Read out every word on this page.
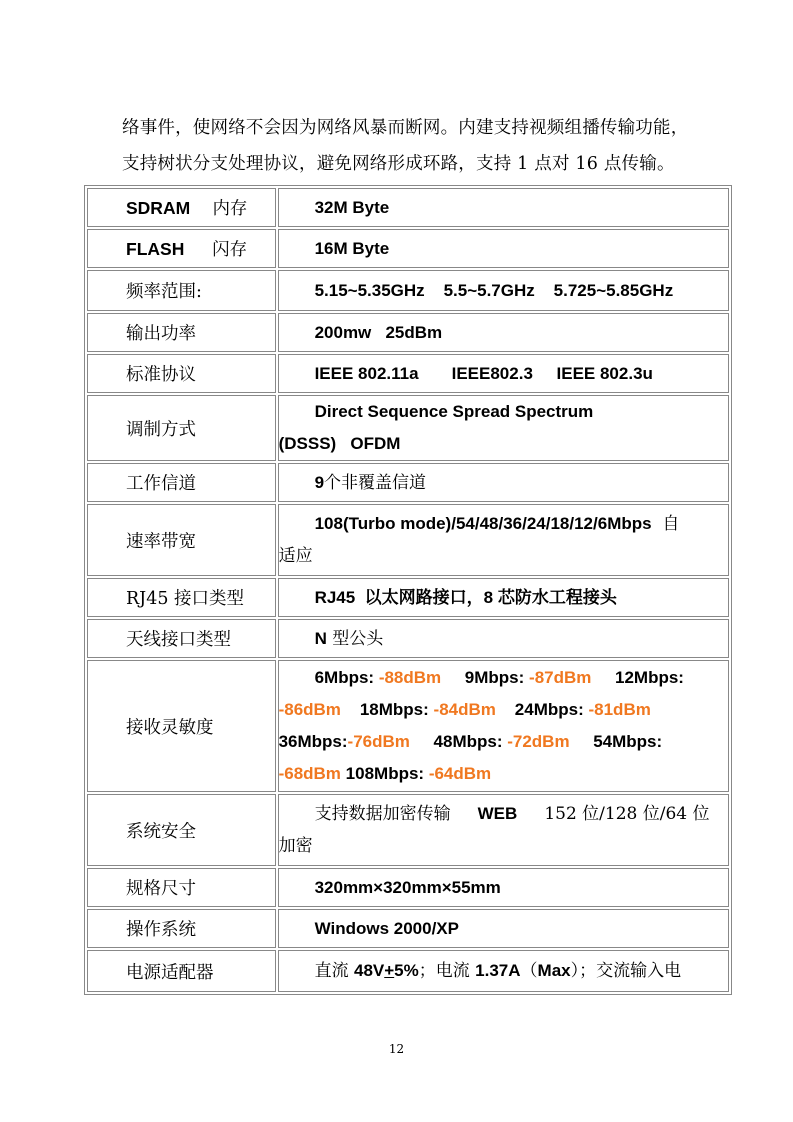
络事件，使网络不会因为网络风暴而断网。内建支持视频组播传输功能，
支持树状分支处理协议，避免网络形成环路，支持 1 点对 16 点传输。
SDRAM 内存	32M Byte

FLASH 闪存	16M Byte

频率范围:	5.15~5.35GHz    5.5~5.7GHz    5.725~5.85GHz

输出功率	200mw   25dBm

标准协议	IEEE 802.11a       IEEE802.3     IEEE 802.3u

调制方式	Direct Sequence Spread Spectrum
(DSSS)   OFDM

工作信道	9个非覆盖信道

速率带宽	108(Turbo mode)/54/48/36/24/18/12/6Mbps 自
适应

RJ45 接口类型	RJ45  以太网路接口，8 芯防水工程接头

天线接口类型	N 型公头

接收灵敏度	6Mbps: -88dBm 9Mbps: -87dBm 12Mbps:
-86dBm 18Mbps: -84dBm 24Mbps: -81dBm
36Mbps:-76dBm 48Mbps: -72dBm 54Mbps:
-68dBm 108Mbps: -64dBm

系统安全	支持数据加密传输 WEB 152 位/128 位/64 位
加密

规格尺寸	320mm×320mm×55mm

操作系统	Windows 2000/XP

电源适配器	直流 48V+5%；电流 1.37A（Max）；交流输入电
12
